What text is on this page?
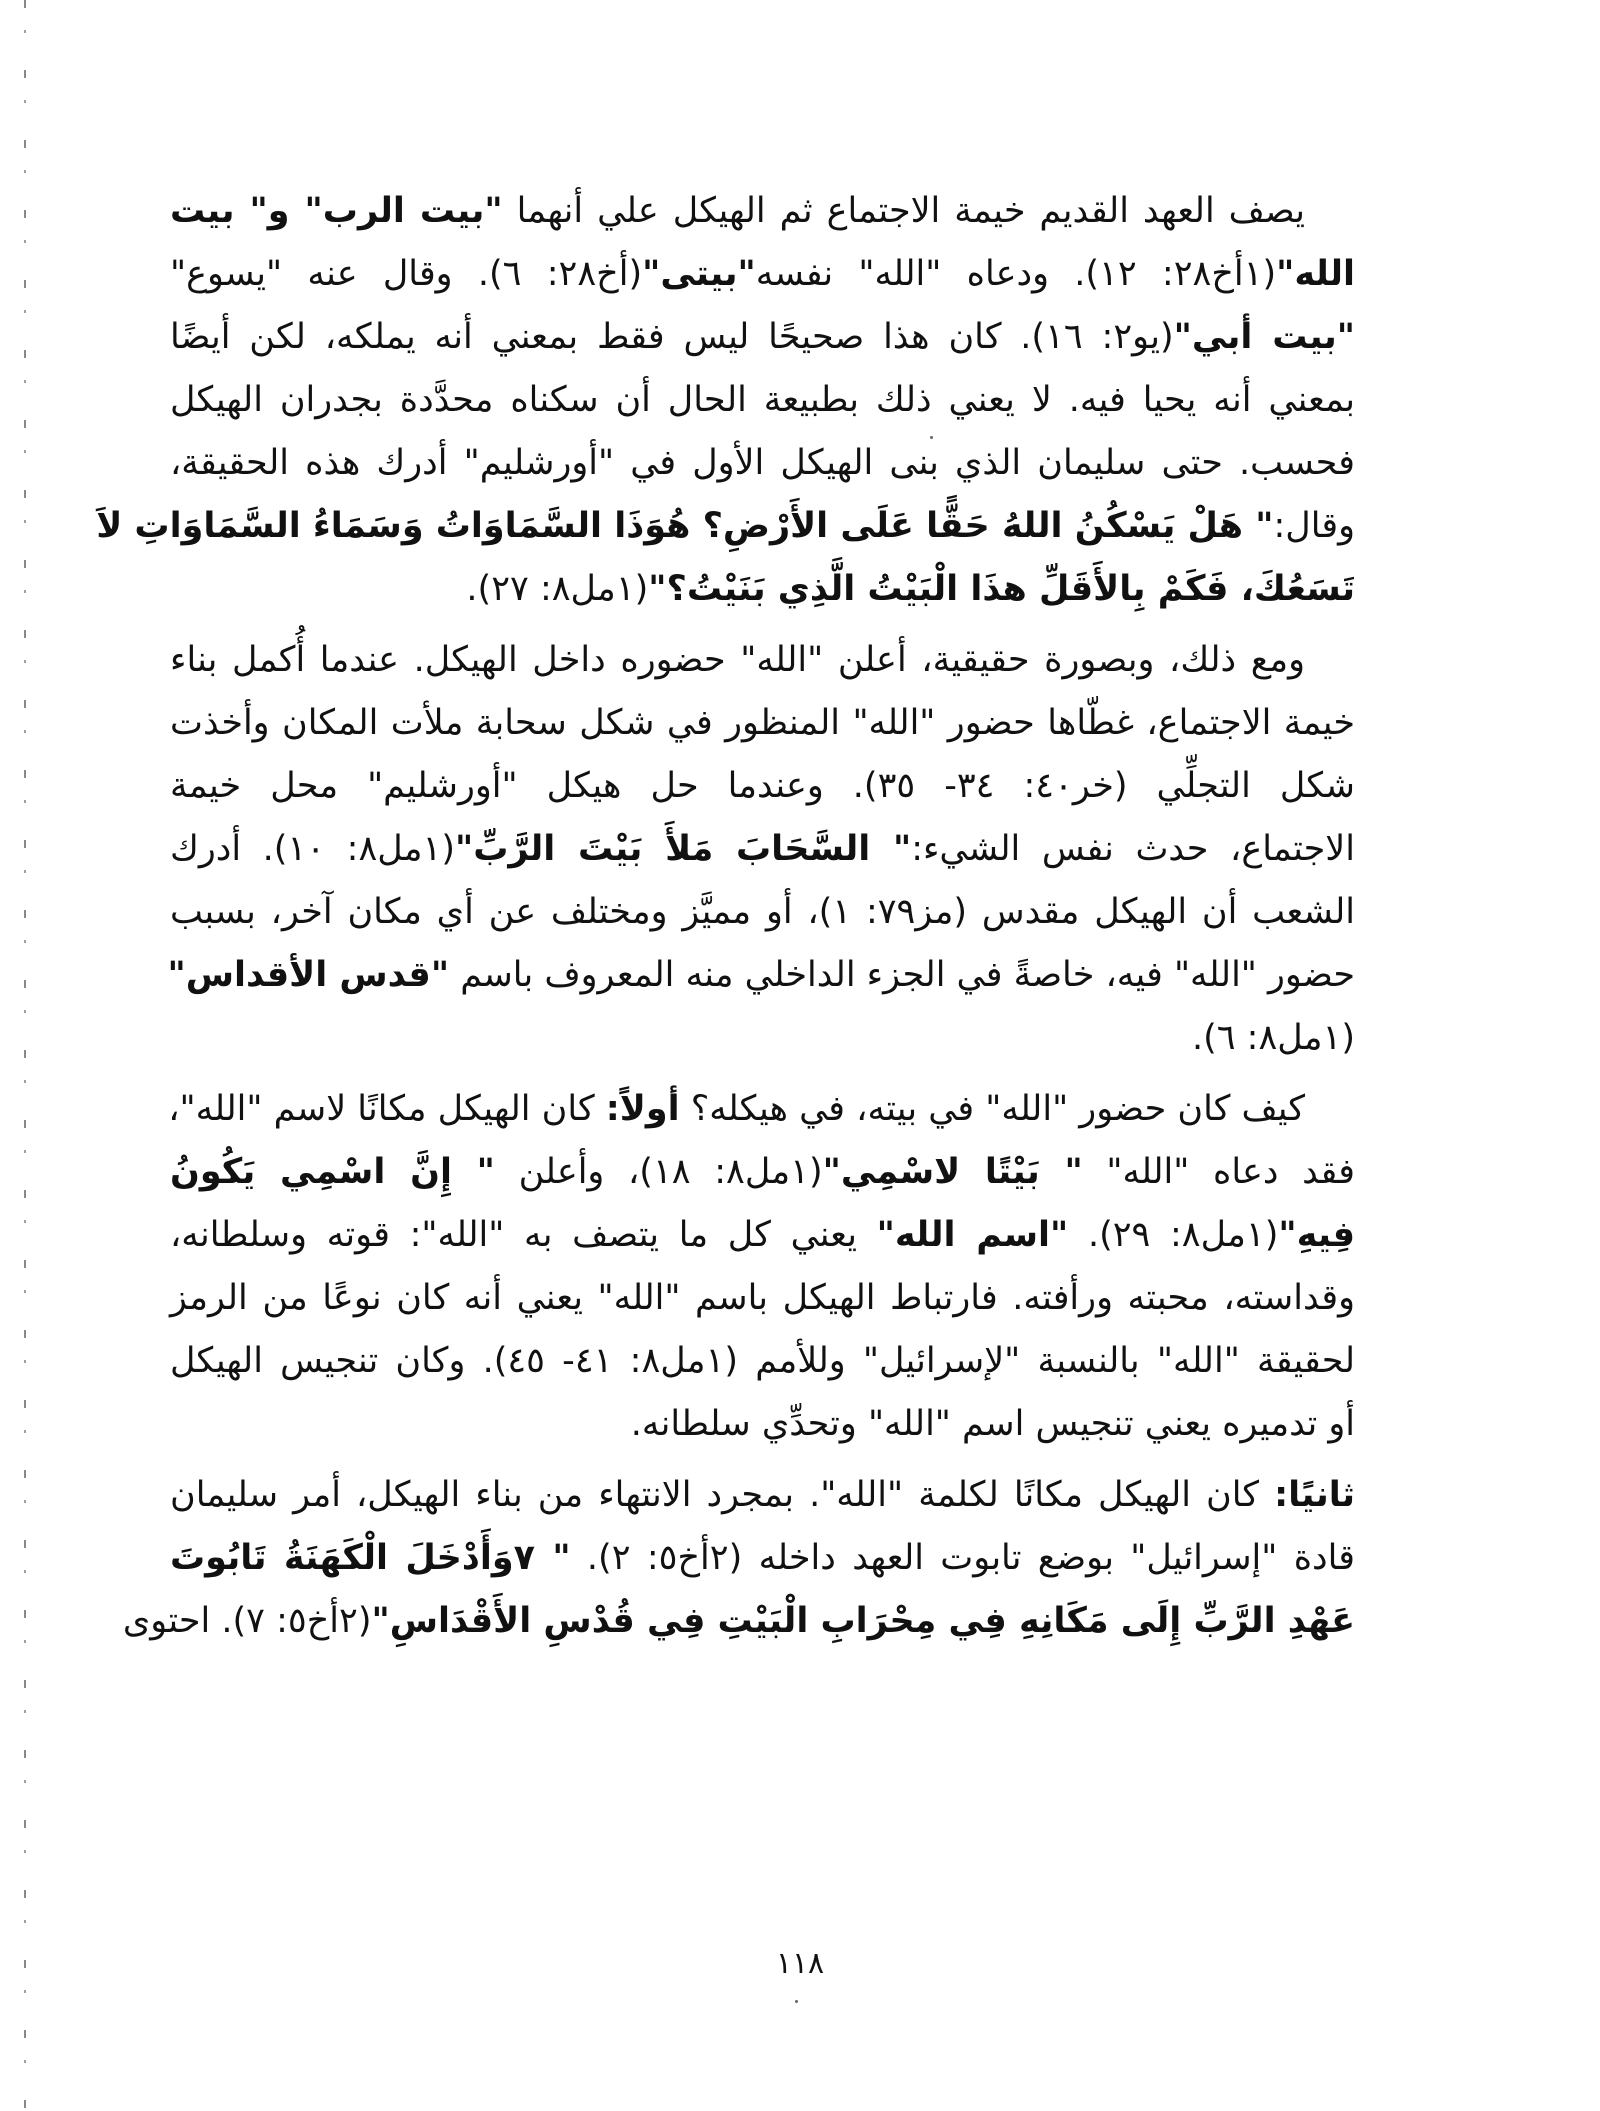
يصف العهد القديم خيمة الاجتماع ثم الهيكل علي أنهما "بيت الرب" و" بيت
الله"(١أخ٢٨: ١٢). ودعاه "الله" نفسه"بيتى"(أخ٢٨: ٦). وقال عنه "يسوع"
"بيت أبي"(يو٢: ١٦). كان هذا صحيحًا ليس فقط بمعني أنه يملكه، لكن أيضًا
بمعني أنه يحيا فيه. لا يعني ذلك بطبيعة الحال أن سكناه محدَّدة بجدران الهيكل
فحسب. حتى سليمان الذي بنى الهيكل الأول في "أورشليم" أدرك هذه الحقيقة،
وقال:" هَلْ يَسْكُنُ اللهُ حَقًّا عَلَى الأَرْضِ؟ هُوَذَا السَّمَاوَاتُ وَسَمَاءُ السَّمَاوَاتِ لاَ
تَسَعُكَ، فَكَمْ بِالأَقَلِّ هذَا الْبَيْتُ الَّذِي بَنَيْتُ؟"(١مل٨: ٢٧).
ومع ذلك، وبصورة حقيقية، أعلن "الله" حضوره داخل الهيكل. عندما أُكمل بناء
خيمة الاجتماع، غطّاها حضور "الله" المنظور في شكل سحابة ملأت المكان وأخذت
شكل التجلِّي (خر٤٠: ٣٤- ٣٥). وعندما حل هيكل "أورشليم" محل خيمة
الاجتماع، حدث نفس الشيء:" السَّحَابَ مَلأَ بَيْتَ الرَّبِّ"(١مل٨: ١٠). أدرك
الشعب أن الهيكل مقدس (مز٧٩: ١)، أو مميَّز ومختلف عن أي مكان آخر، بسبب
حضور "الله" فيه، خاصةً في الجزء الداخلي منه المعروف باسم "قدس الأقداس"
(١مل٨: ٦).
كيف كان حضور "الله" في بيته، في هيكله؟ أولاً: كان الهيكل مكانًا لاسم "الله"،
فقد دعاه "الله" " بَيْتًا لاسْمِي"(١مل٨: ١٨)، وأعلن " إِنَّ اسْمِي يَكُونُ
فِيهِ"(١مل٨: ٢٩). "اسم الله" يعني كل ما يتصف به "الله": قوته وسلطانه،
وقداسته، محبته ورأفته. فارتباط الهيكل باسم "الله" يعني أنه كان نوعًا من الرمز
لحقيقة "الله" بالنسبة "لإسرائيل" وللأمم (١مل٨: ٤١- ٤٥). وكان تنجيس الهيكل
أو تدميره يعني تنجيس اسم "الله" وتحدِّي سلطانه.
ثانيًا: كان الهيكل مكانًا لكلمة "الله". بمجرد الانتهاء من بناء الهيكل، أمر سليمان
قادة "إسرائيل" بوضع تابوت العهد داخله (٢أخ٥: ٢). " ٧وَأَدْخَلَ الْكَهَنَةُ تَابُوتَ
عَهْدِ الرَّبِّ إِلَى مَكَانِهِ فِي مِحْرَابِ الْبَيْتِ فِي قُدْسِ الأَقْدَاسِ"(٢أخ٥: ٧). احتوى
١١٨
